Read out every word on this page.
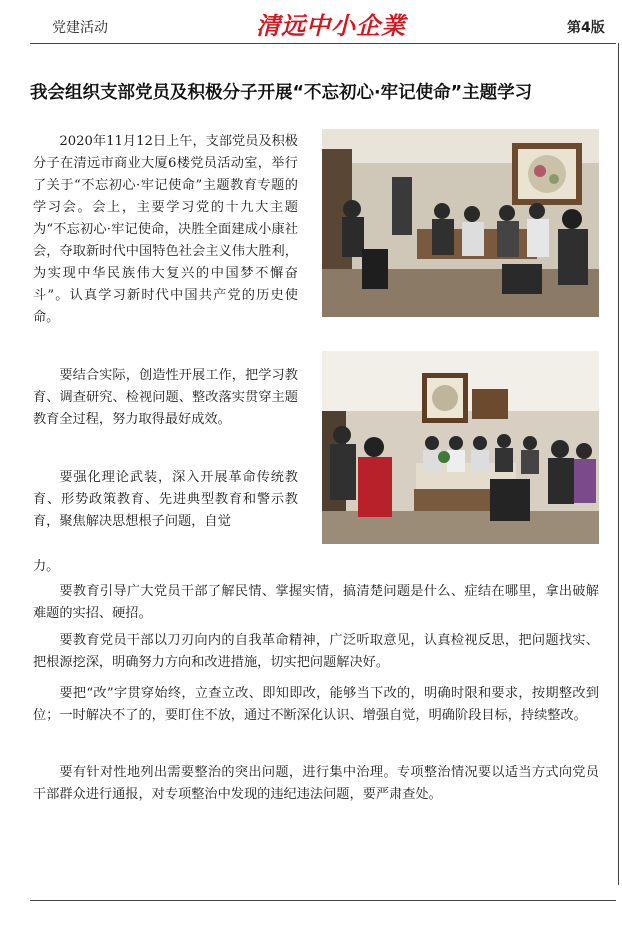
党建活动	清远中小企業	第4版
我会组织支部党员及积极分子开展“不忘初心·牢记使命”主题学习

2020年11月12日上午，支部党员及积极分子在清远市商业大厦6楼党员活动室，举行了关于“不忘初心·牢记使命”主题教育专题的学习会。会上，主要学习党的十九大主题为“不忘初心·牢记使命，决胜全面建成小康社会，夺取新时代中国特色社会主义伟大胜利，为实现中华民族伟大复兴的中国梦不懈奋斗”。认真学习新时代中国共产党的历史使命。

要结合实际，创造性开展工作，把学习教育、调查研究、检视问题、整改落实贯穿主题教育全过程，努力取得最好成效。

要强化理论武装，深入开展革命传统教育、形势政策教育、先进典型教育和警示教育，聚焦解决思想根子问题，自觉

力。

要教育引导广大党员干部了解民情、掌握实情，搞清楚问题是什么、症结在哪里，拿出破解难题的实招、硬招。

要教育党员干部以刀刃向内的自我革命精神，广泛听取意见，认真检视反思，把问题找实、把根源挖深，明确努力方向和改进措施，切实把问题解决好。

要把“改”字贯穿始终，立查立改、即知即改，能够当下改的，明确时限和要求，按期整改到位；一时解决不了的，要盯住不放，通过不断深化认识、增强自觉，明确阶段目标，持续整改。

要有针对性地列出需要整治的突出问题，进行集中治理。专项整治情况要以适当方式向党员干部群众进行通报，对专项整治中发现的违纪违法问题，要严肃查处。
